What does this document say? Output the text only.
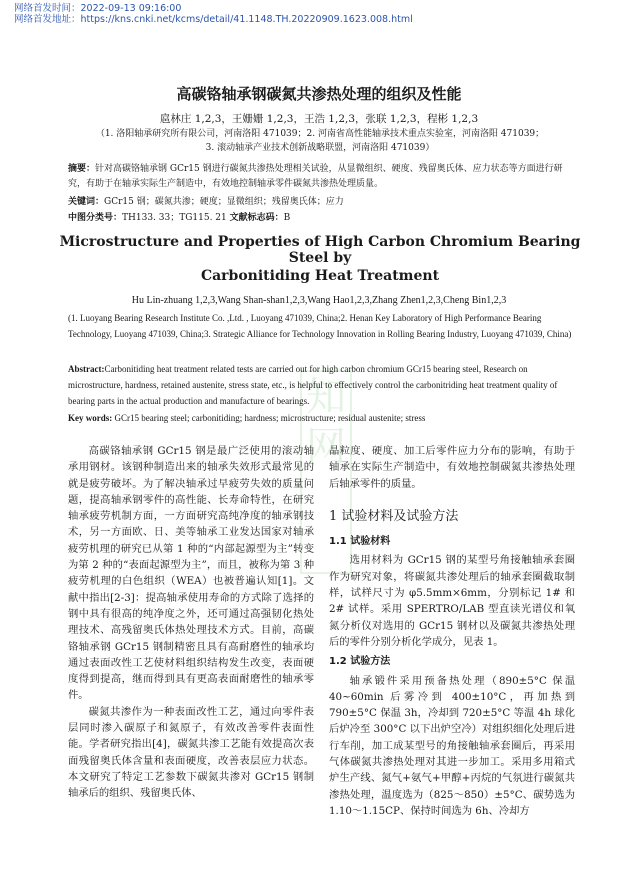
网络首发时间：2022-09-13 09:16:00
网络首发地址：https://kns.cnki.net/kcms/detail/41.1148.TH.20220909.1623.008.html
知网
高碳铬轴承钢碳氮共渗热处理的组织及性能
扈林庄 1,2,3，王姗姗 1,2,3，王浩 1,2,3，张联 1,2,3，程彬 1,2,3
（1. 洛阳轴承研究所有限公司，河南洛阳 471039；2. 河南省高性能轴承技术重点实验室，河南洛阳 471039；
3. 滚动轴承产业技术创新战略联盟，河南洛阳 471039）
摘要：针对高碳铬轴承钢 GCr15 钢进行碳氮共渗热处理相关试验，从显微组织、硬度、残留奥氏体、应力状态等方面进行研究，有助于在轴承实际生产制造中，有效地控制轴承零件碳氮共渗热处理质量。
关键词：GCr15 钢；碳氮共渗；硬度；显微组织；残留奥氏体；应力
中图分类号：TH133. 33；TG115. 21 文献标志码：B
Microstructure and Properties of High Carbon Chromium Bearing Steel by
Carbonitiding Heat Treatment
Hu Lin-zhuang 1,2,3,Wang Shan-shan1,2,3,Wang Hao1,2,3,Zhang Zhen1,2,3,Cheng Bin1,2,3
(1. Luoyang Bearing Research Institute Co. ,Ltd. , Luoyang 471039, China;2. Henan Key Laboratory of High Performance Bearing Technology, Luoyang 471039, China;3. Strategic Alliance for Technology Innovation in Rolling Bearing Industry, Luoyang 471039, China)
Abstract:Carbonitiding heat treatment related tests are carried out for high carbon chromium GCr15 bearing steel, Research on microstructure, hardness, retained austenite, stress state, etc., is helpful to effectively control the carbonitriding heat treatment quality of bearing parts in the actual production and manufacture of bearings.
Key words: GCr15 bearing steel; carbonitiding; hardness; microstructure; residual austenite; stress

高碳铬轴承钢 GCr15 钢是最广泛使用的滚动轴承用钢材。该钢种制造出来的轴承失效形式最常见的就是疲劳破坏。为了解决轴承过早疲劳失效的质量问题，提高轴承钢零件的高性能、长寿命特性，在研究轴承疲劳机制方面，一方面研究高纯净度的轴承钢技术，另一方面欧、日、美等轴承工业发达国家对轴承疲劳机理的研究已从第 1 种的“内部起源型为主”转变为第 2 种的“表面起源型为主”，而且，被称为第 3 种疲劳机理的白色组织（WEA）也被普遍认知[1]。文献中指出[2-3]：提高轴承使用寿命的方式除了选择的钢中具有很高的纯净度之外，还可通过高强韧化热处理技术、高残留奥氏体热处理技术方式。目前，高碳铬轴承钢 GCr15 钢制精密且具有高耐磨性的轴承均通过表面改性工艺使材料组织结构发生改变，表面硬度得到提高，继而得到具有更高表面耐磨性的轴承零件。

碳氮共渗作为一种表面改性工艺，通过向零件表层同时渗入碳原子和氮原子，有效改善零件表面性能。学者研究指出[4]，碳氮共渗工艺能有效提高次表面残留奥氏体含量和表面硬度，改善表层应力状态。本文研究了特定工艺参数下碳氮共渗对 GCr15 钢制轴承后的组织、残留奥氏体、

晶粒度、硬度、加工后零件应力分布的影响，有助于轴承在实际生产制造中，有效地控制碳氮共渗热处理后轴承零件的质量。

1 试验材料及试验方法
1.1 试验材料

选用材料为 GCr15 钢的某型号角接触轴承套圈作为研究对象，将碳氮共渗处理后的轴承套圈截取制样，试样尺寸为 φ5.5mm×6mm，分别标记 1# 和 2# 试样。采用 SPERTRO/LAB 型直读光谱仪和氧氮分析仪对选用的 GCr15 钢材以及碳氮共渗热处理后的零件分别分析化学成分，见表 1。

1.2 试验方法

轴承锻件采用预备热处理（890±5°C 保温 40~60min 后雾冷到 400±10°C，再加热到 790±5°C 保温 3h，冷却到 720±5°C 等温 4h 球化后炉冷至 300°C 以下出炉空冷）对组织细化处理后进行车削，加工成某型号的角接触轴承套圈后，再采用气体碳氮共渗热处理对其进一步加工。采用多用箱式炉生产线、氮气+氨气+甲醇+丙烷的气氛进行碳氮共渗热处理，温度选为（825～850）±5°C、碳势选为 1.10～1.15CP、保持时间选为 6h、冷却方
